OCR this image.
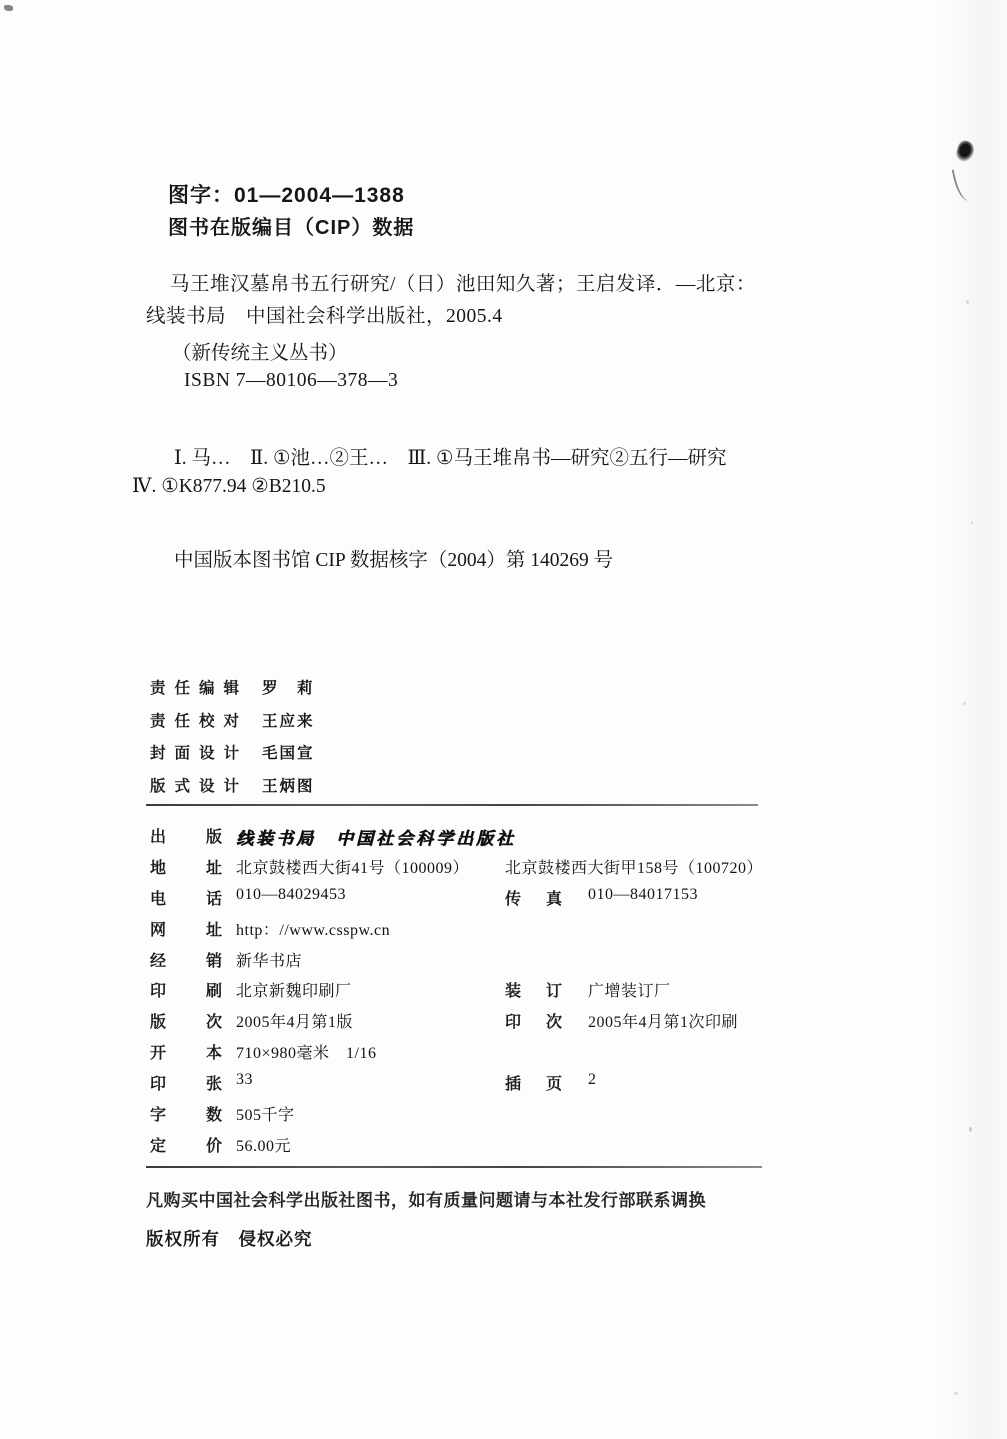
图字：01—2004—1388
图书在版编目（CIP）数据
马王堆汉墓帛书五行研究/（日）池田知久著；王启发译．—北京：
线装书局　中国社会科学出版社，2005.4
（新传统主义丛书）
ISBN 7—80106—378—3
Ⅰ. 马…　Ⅱ. ①池…②王…　Ⅲ. ①马王堆帛书—研究②五行—研究
Ⅳ. ①K877.94 ②B210.5
中国版本图书馆 CIP 数据核字（2004）第 140269 号
责任编辑 罗　莉
责任校对 王应来
封面设计 毛国宣
版式设计 王炳图
出 版 线装书局　中国社会科学出版社
地 址 北京鼓楼西大街41号（100009） 北京鼓楼西大街甲158号（100720）
电 话 010—84029453	传 真 010—84017153
网 址 http：//www.csspw.cn
经 销 新华书店
印 刷 北京新魏印刷厂	装 订 广增装订厂
版 次 2005年4月第1版	印 次 2005年4月第1次印刷
开 本 710×980毫米　1/16
印 张 33	插 页 2
字 数 505千字
定 价 56.00元
凡购买中国社会科学出版社图书，如有质量问题请与本社发行部联系调换
版权所有　侵权必究
